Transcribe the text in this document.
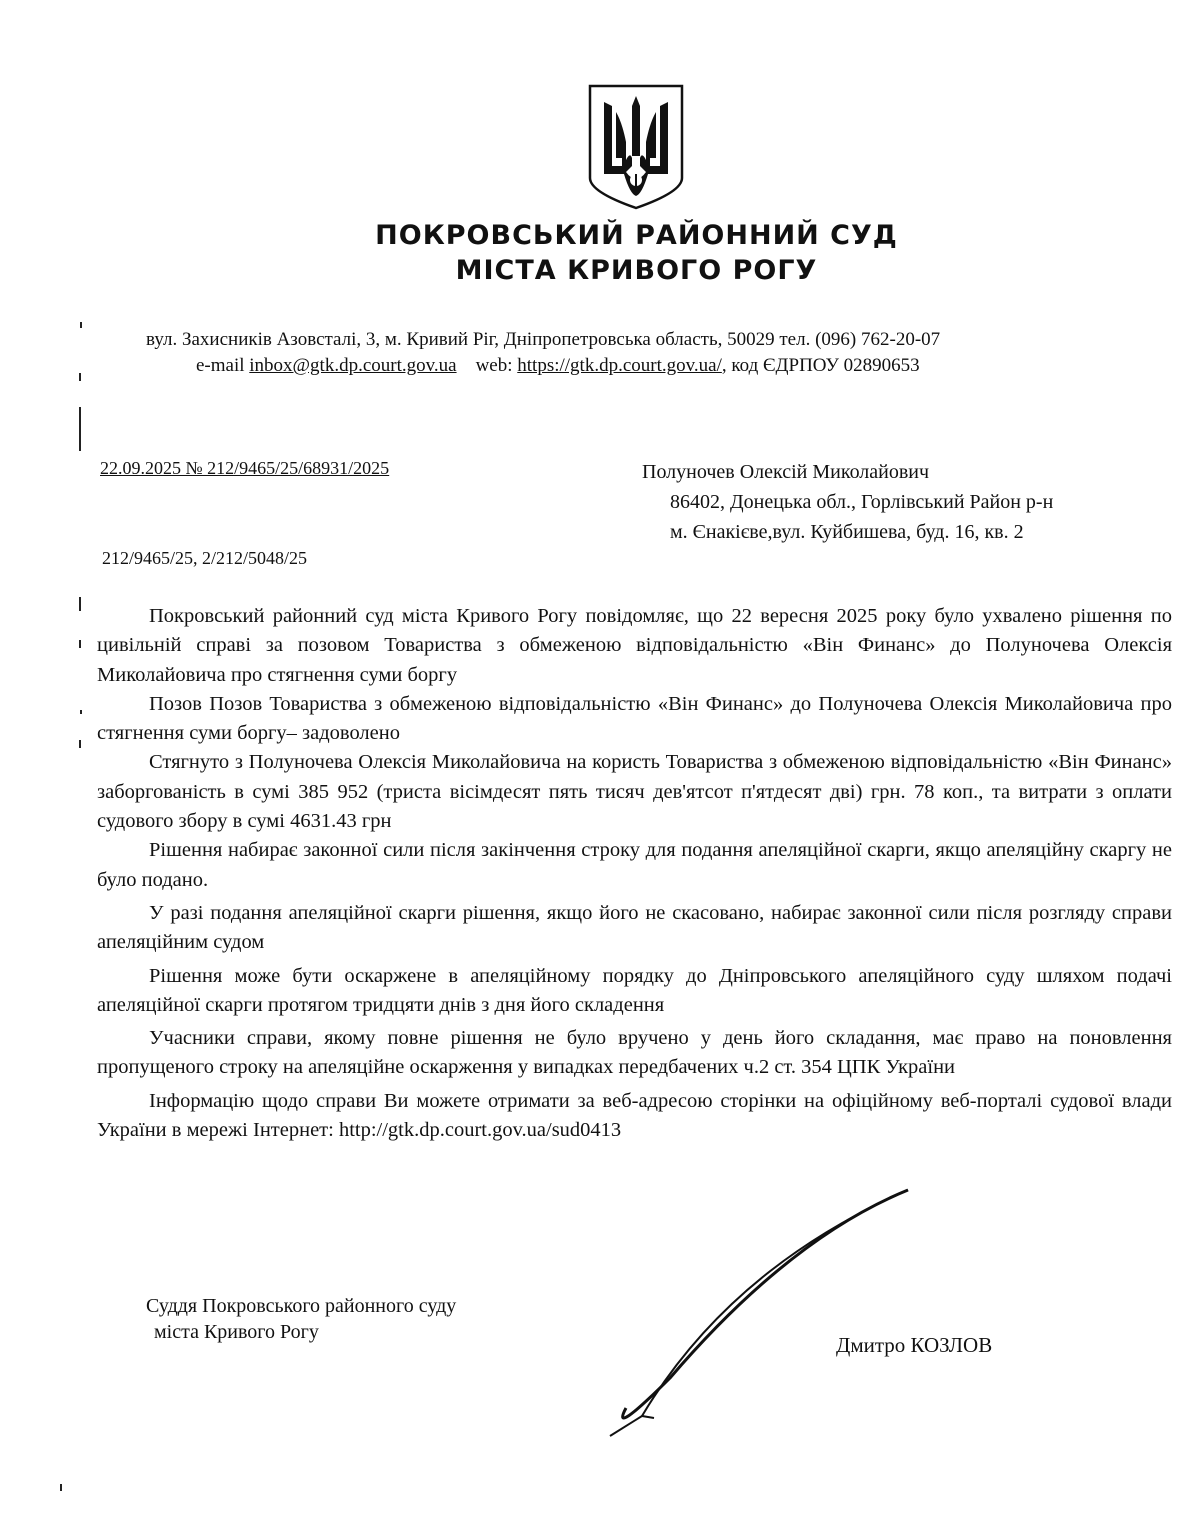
ПОКРОВСЬКИЙ РАЙОННИЙ СУД
МІСТА КРИВОГО РОГУ
вул. Захисників Азовсталі, 3, м. Кривий Ріг, Дніпропетровська область, 50029 тел. (096) 762-20-07
e-mail inbox@gtk.dp.court.gov.ua web: https://gtk.dp.court.gov.ua/, код ЄДРПОУ 02890653
22.09.2025 № 212/9465/25/68931/2025
212/9465/25, 2/212/5048/25
Полуночев Олексій Миколайович
86402, Донецька обл., Горлівський Район р-н
м. Єнакієве,вул. Куйбишева, буд. 16, кв. 2

Покровський районний суд міста Кривого Рогу повідомляє, що 22 вересня 2025 року було ухвалено рішення по цивільній справі за позовом Товариства з обмеженою відповідальністю «Він Финанс» до Полуночева Олексія Миколайовича про стягнення суми боргу

Позов Позов Товариства з обмеженою відповідальністю «Він Финанс» до Полуночева Олексія Миколайовича про стягнення суми боргу– задоволено

Стягнуто з Полуночева Олексія Миколайовича на користь Товариства з обмеженою відповідальністю «Він Финанс» заборгованість в сумі 385 952 (триста вісімдесят пять тисяч дев'ятсот п'ятдесят дві) грн. 78 коп., та витрати з оплати судового збору в сумі 4631.43 грн

Рішення набирає законної сили після закінчення строку для подання апеляційної скарги, якщо апеляційну скаргу не було подано.

У разі подання апеляційної скарги рішення, якщо його не скасовано, набирає законної сили після розгляду справи апеляційним судом

Рішення може бути оскаржене в апеляційному порядку до Дніпровського апеляційного суду шляхом подачі апеляційної скарги протягом тридцяти днів з дня його складення

Учасники справи, якому повне рішення не було вручено у день його складання, має право на поновлення пропущеного строку на апеляційне оскарження у випадках передбачених ч.2 ст. 354 ЦПК України

Інформацію щодо справи Ви можете отримати за веб-адресою сторінки на офіційному веб-порталі судової влади України в мережі Інтернет: http://gtk.dp.court.gov.ua/sud0413

Суддя Покровського районного суду
міста Кривого Рогу
Дмитро КОЗЛОВ
